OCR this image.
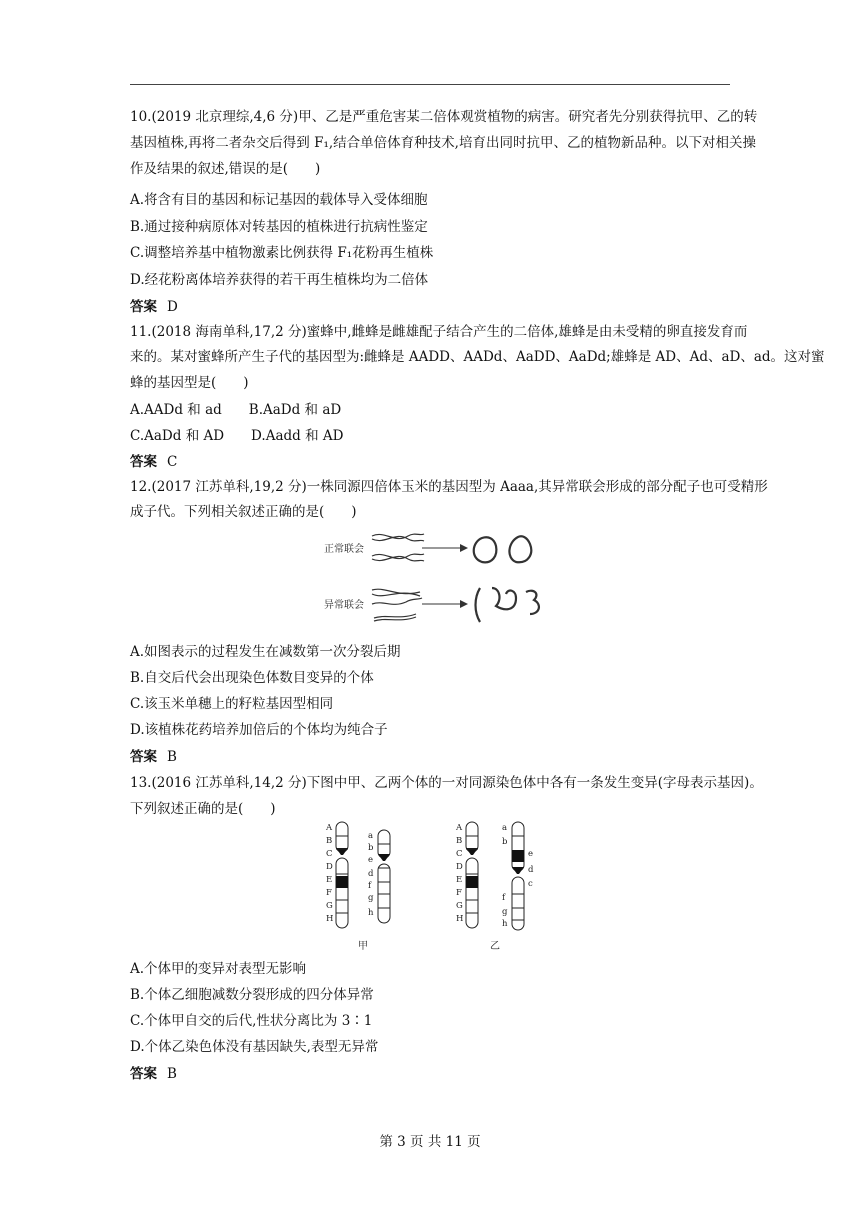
10.(2019 北京理综,4,6 分)甲、乙是严重危害某二倍体观赏植物的病害。研究者先分别获得抗甲、乙的转
基因植株,再将二者杂交后得到 F₁,结合单倍体育种技术,培育出同时抗甲、乙的植物新品种。以下对相关操
作及结果的叙述,错误的是(　　)
A.将含有目的基因和标记基因的载体导入受体细胞
B.通过接种病原体对转基因的植株进行抗病性鉴定
C.调整培养基中植物激素比例获得 F₁花粉再生植株
D.经花粉离体培养获得的若干再生植株均为二倍体
答案 D
11.(2018 海南单科,17,2 分)蜜蜂中,雌蜂是雌雄配子结合产生的二倍体,雄蜂是由未受精的卵直接发育而
来的。某对蜜蜂所产生子代的基因型为:雌蜂是 AADD、AADd、AaDD、AaDd;雄蜂是 AD、Ad、aD、ad。这对蜜
蜂的基因型是(　　)
A.AADd 和 ad　　B.AaDd 和 aD
C.AaDd 和 AD　　D.Aadd 和 AD
答案 C
12.(2017 江苏单科,19,2 分)一株同源四倍体玉米的基因型为 Aaaa,其异常联会形成的部分配子也可受精形
成子代。下列相关叙述正确的是(　　)
正常联会
异常联会
A.如图表示的过程发生在减数第一次分裂后期
B.自交后代会出现染色体数目变异的个体
C.该玉米单穗上的籽粒基因型相同
D.该植株花药培养加倍后的个体均为纯合子
答案 B
13.(2016 江苏单科,14,2 分)下图中甲、乙两个体的一对同源染色体中各有一条发生变异(字母表示基因)。
下列叙述正确的是(　　)
A
B
C
D
E
F
G
H
a
b
e
d
f
g
h
A
B
C
D
E
F
G
H
a
b
e
d
c
f
g
h
甲	乙
A.个体甲的变异对表型无影响
B.个体乙细胞减数分裂形成的四分体异常
C.个体甲自交的后代,性状分离比为 3∶1
D.个体乙染色体没有基因缺失,表型无异常
答案 B
第 3 页 共 11 页
